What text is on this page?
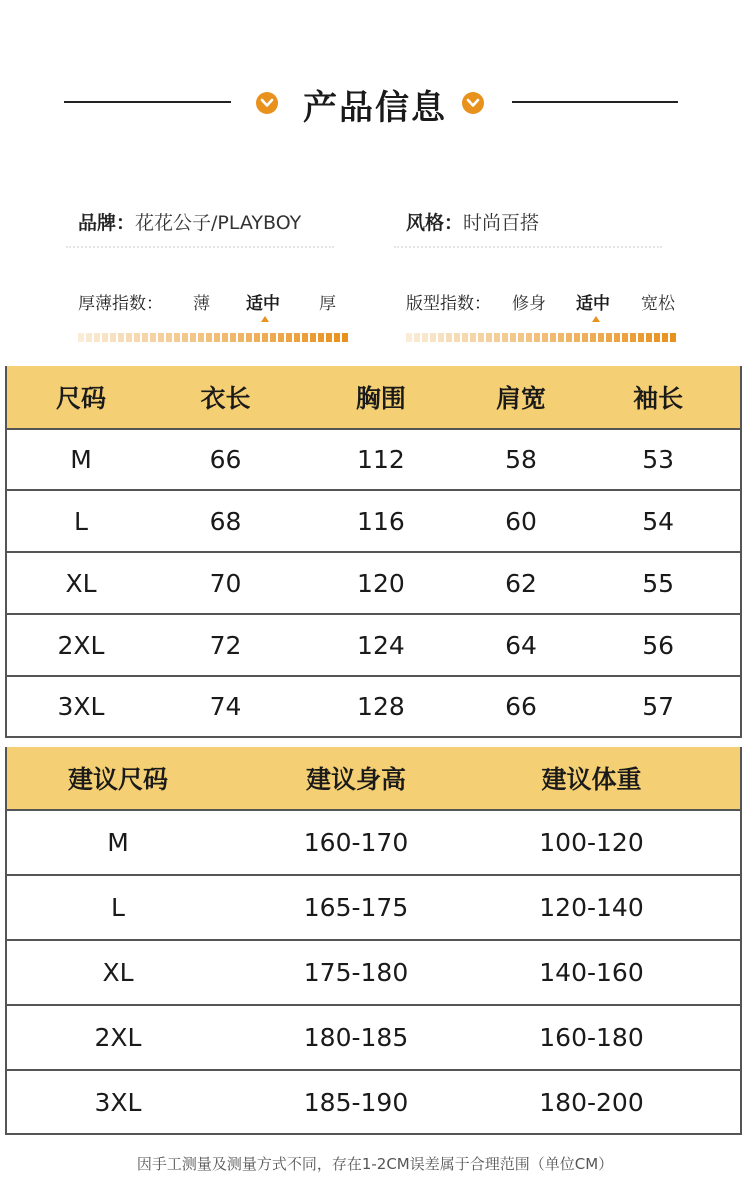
产品信息
品牌：花花公子/PLAYBOY	风格：时尚百搭
厚薄指数： 薄 适中 厚	版型指数： 修身 适中 宽松
尺码	衣长	胸围	肩宽	袖长
M	66	112	58	53
L	68	116	60	54
XL	70	120	62	55
2XL	72	124	64	56
3XL	74	128	66	57
建议尺码	建议身高	建议体重
M	160-170	100-120
L	165-175	120-140
XL	175-180	140-160
2XL	180-185	160-180
3XL	185-190	180-200
因手工测量及测量方式不同，存在1-2CM误差属于合理范围（单位CM）
